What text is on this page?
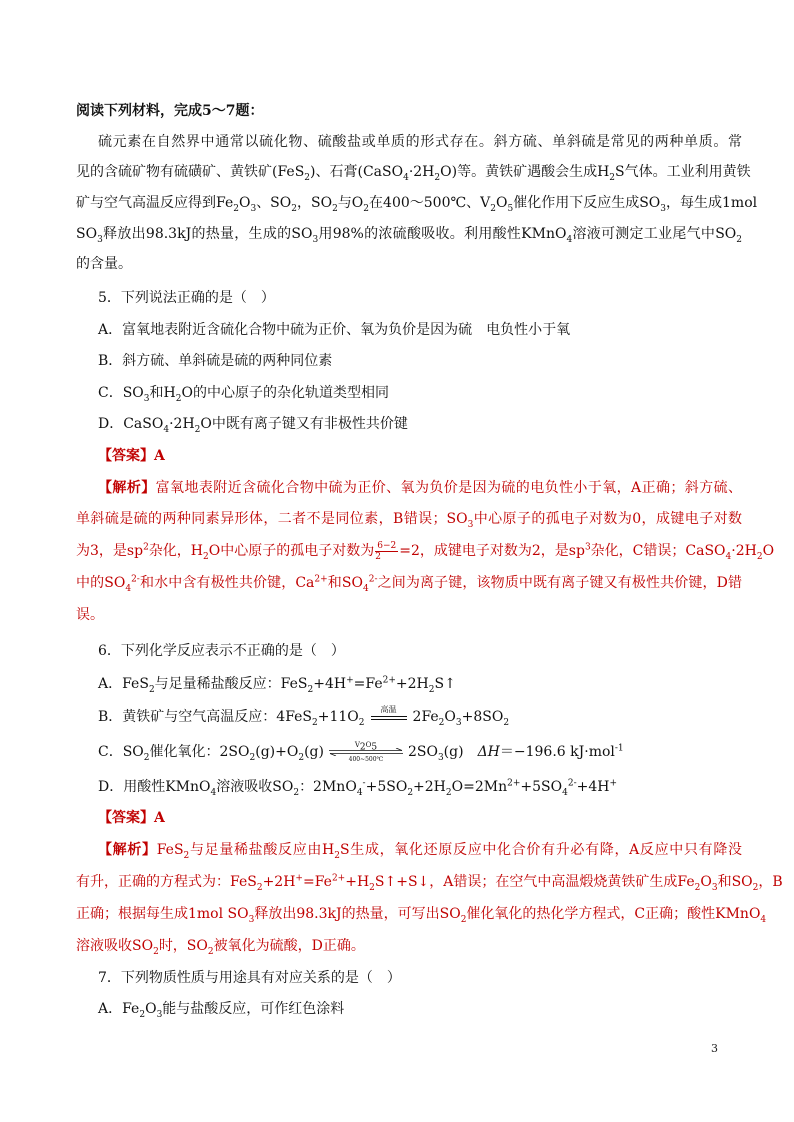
阅读下列材料，完成5～7题：
硫元素在自然界中通常以硫化物、硫酸盐或单质的形式存在。斜方硫、单斜硫是常见的两种单质。常
见的含硫矿物有硫磺矿、黄铁矿(FeS$_2$)、石膏$(CaSO_4\cdot 2H_2O)$等。黄铁矿遇酸会生成$H_2S$气体。工业利用黄铁
矿与空气高温反应得到$Fe_2O_3$、$SO_2$，$SO_2$与$O_2$在400～500℃、$V_2O_5$催化作用下反应生成$SO_3$，每生成1mol
$SO_3$释放出98.3kJ的热量，生成的$SO_3$用98%的浓硫酸吸收。利用酸性KMnO$_4$溶液可测定工业尾气中$SO_2$
的含量。
5．下列说法正确的是（　）
A．富氧地表附近含硫化合物中硫为正价、氧为负价是因为硫　电负性小于氧
B．斜方硫、单斜硫是硫的两种同位素
C．$SO_3$和$H_2O$的中心原子的杂化轨道类型相同
D．$CaSO_4\cdot 2H_2O$中既有离子键又有非极性共价键
【答案】A
【解析】富氧地表附近含硫化合物中硫为正价、氧为负价是因为硫的电负性小于氧，A正确；斜方硫、
单斜硫是硫的两种同素异形体，二者不是同位素，B错误；$SO_3$中心原子的孤电子对数为0，成键电子对数
为3，是$sp^2$杂化，$H_2O$中心原子的孤电子对数为 $\frac{6-2}{2} =2$，成键电子对数为2，是$sp^3$杂化，C错误；$CaSO_4\cdot 2H_2O$
中的$SO_4^{2-}$和水中含有极性共价键，$Ca^{2+}$和$SO_4^{2-}$之间为离子键，该物质中既有离子键又有极性共价键，D错
误。
6．下列化学反应表示不正确的是（　）
A．FeS$_2$与足量稀盐酸反应：$FeS_2+4H^+=Fe^{2+}+2H_2S↑$
B．黄铁矿与空气高温反应：$4FeS_2+11O_2$
高温	$2Fe_2O_3+8SO_2$
C．$SO_2$催化氧化：$2SO_2(g)+O_2(g)$	$V_2O_5$
400~500℃	$2SO_3(g)$　ΔH＝−196.6 kJ·mol$^{-1}$
D．用酸性KMnO$_4$溶液吸收$SO_2$：$2MnO_4^-+5SO_2+2H_2O=2Mn^{2+}+5SO_4^{2-}+4H^+$
【答案】A
【解析】FeS$_2$与足量稀盐酸反应由$H_2S$生成，氧化还原反应中化合价有升必有降，A反应中只有降没
有升，正确的方程式为：$FeS_2+2H^+=Fe^{2+}+H_2S↑+S↓$，A错误；在空气中高温煅烧黄铁矿生成$Fe_2O_3$和$SO_2$，B
正确；根据每生成1mol $SO_3$释放出98.3kJ的热量，可写出$SO_2$催化氧化的热化学方程式，C正确；酸性KMnO$_4$
溶液吸收$SO_2$时，$SO_2$被氧化为硫酸，D正确。
7．下列物质性质与用途具有对应关系的是（　）
A．$Fe_2O_3$能与盐酸反应，可作红色涂料
3
